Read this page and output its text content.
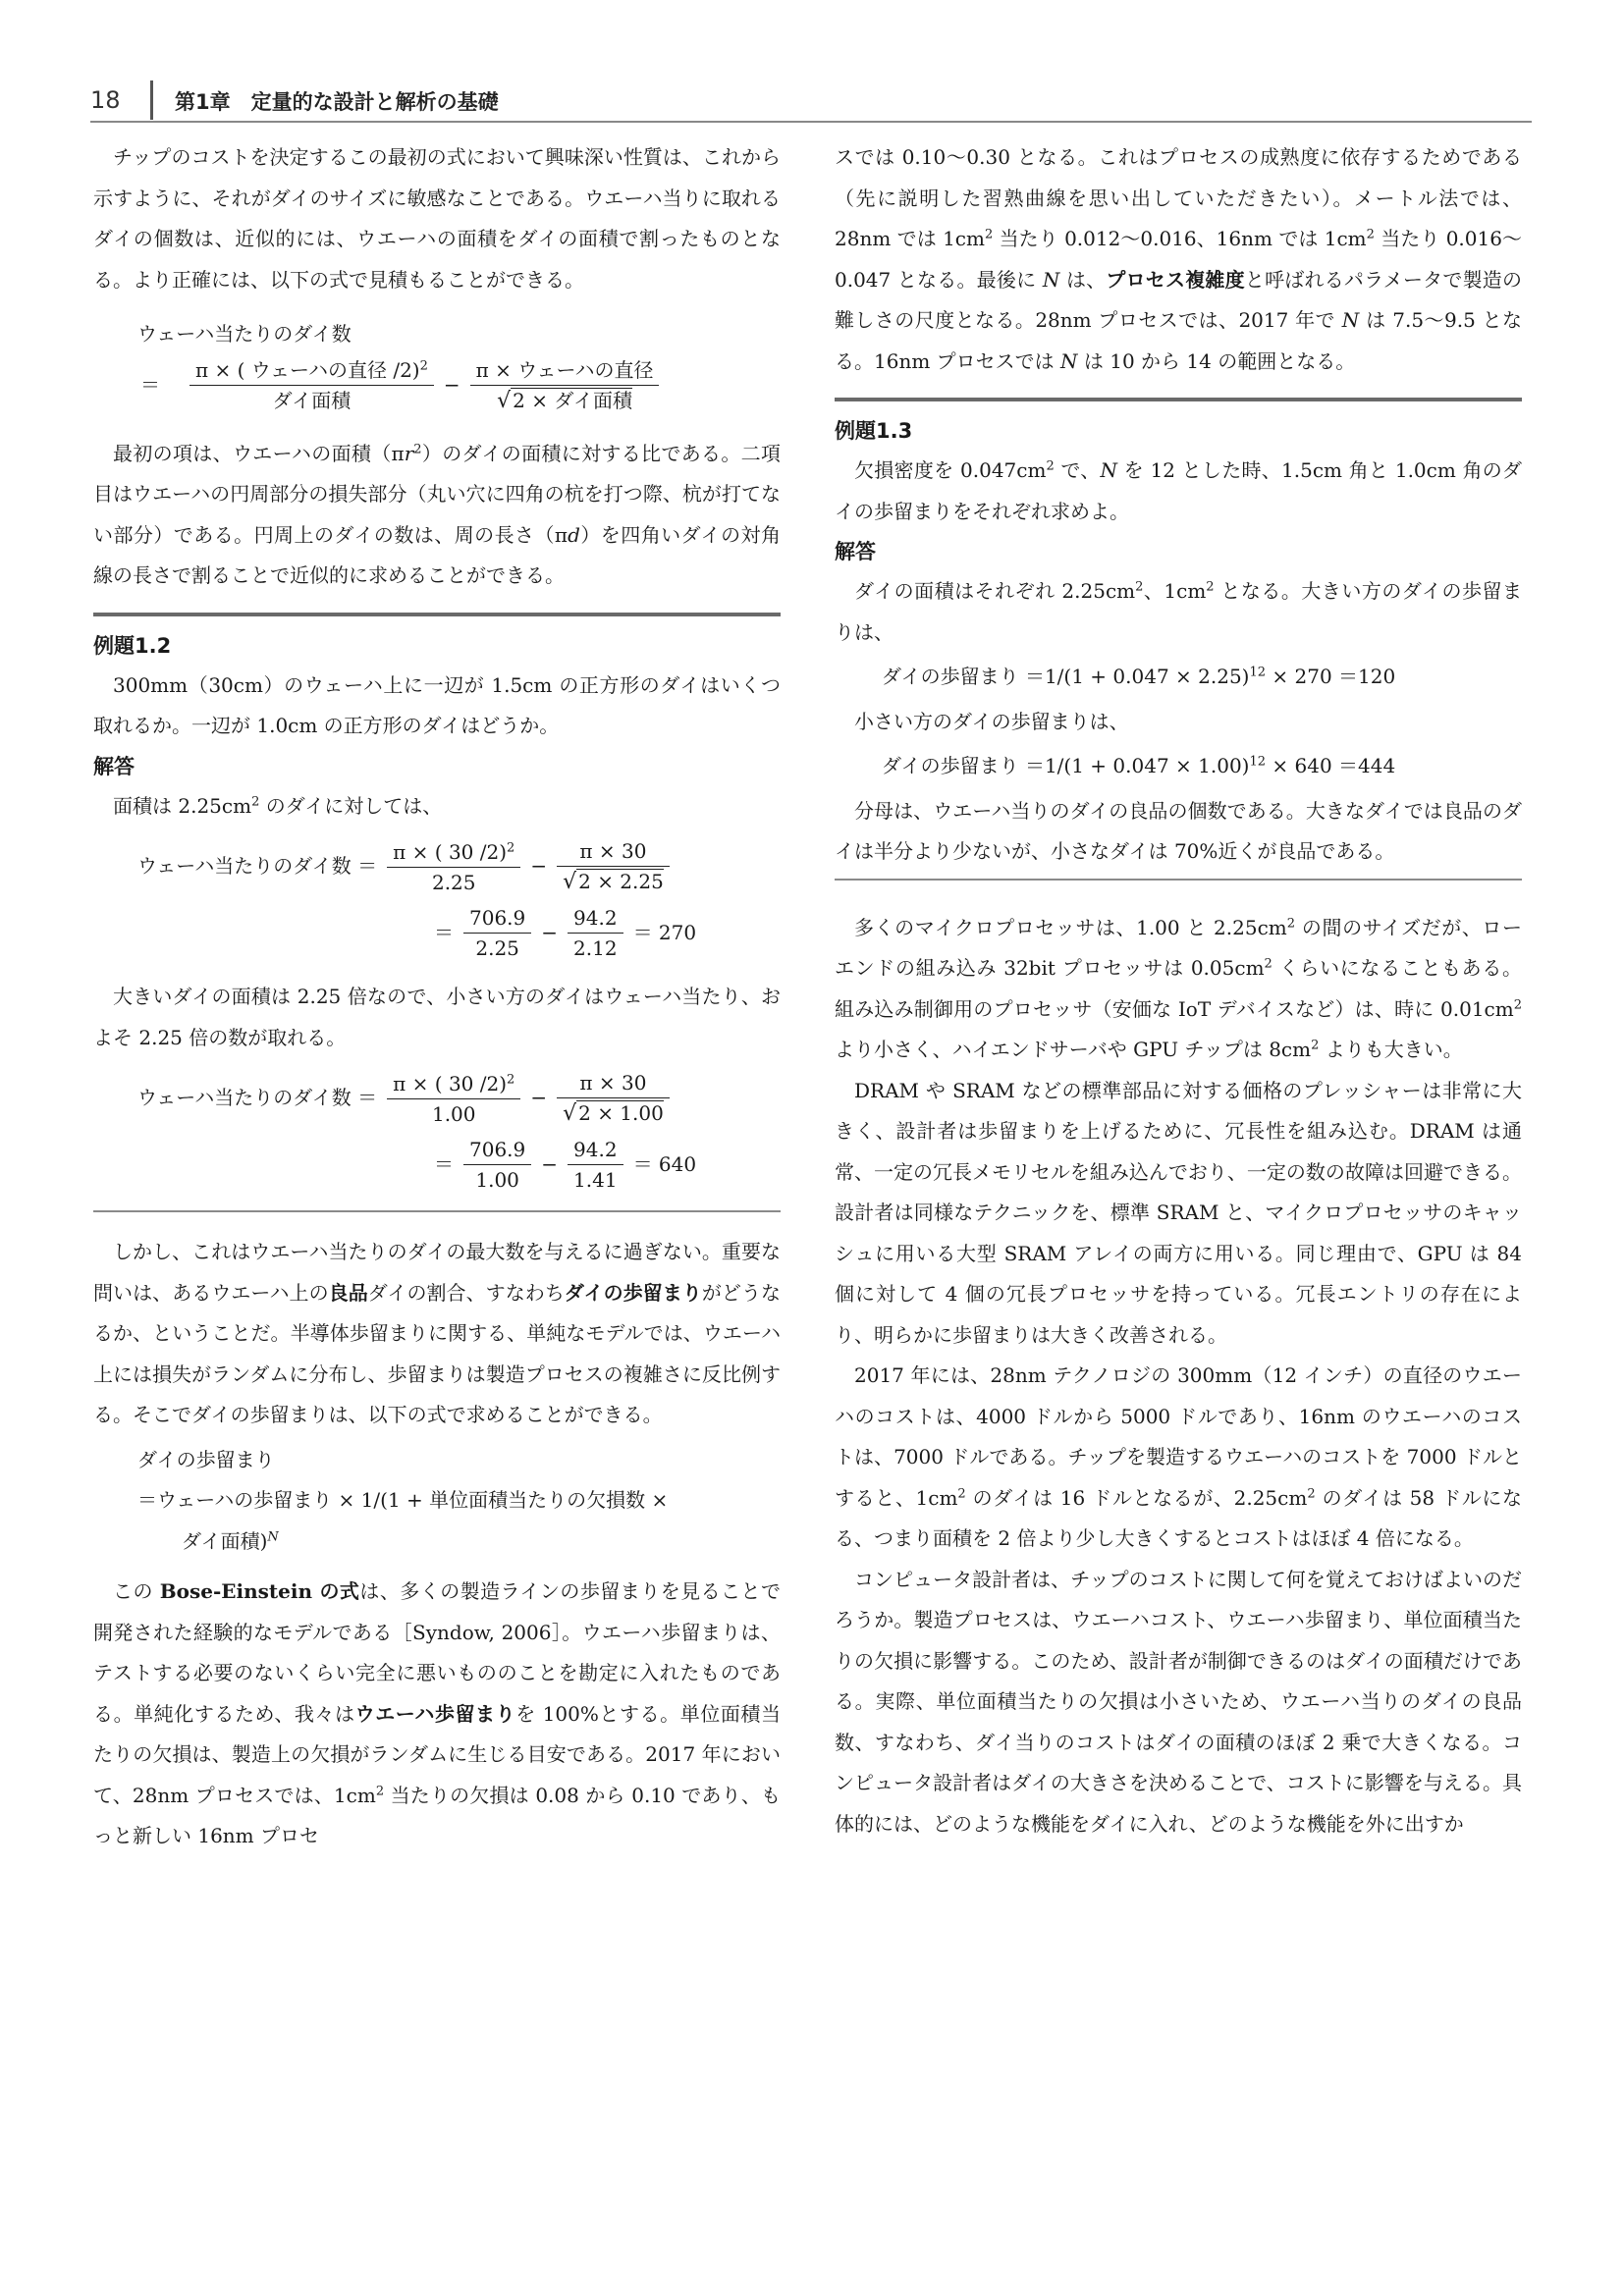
18	第1章　定量的な設計と解析の基礎

チップのコストを決定するこの最初の式において興味深い性質は、これから示すように、それがダイのサイズに敏感なことである。ウエーハ当りに取れるダイの個数は、近似的には、ウエーハの面積をダイの面積で割ったものとなる。より正確には、以下の式で見積もることができる。

ウェーハ当たりのダイ数
＝	$\frac{\pi \times ( ウェーハの直径 /2)^2}{\text{ダイ面積}} - \frac{\text{π × ウェーハの直径}}{\text{√ 2 × ダイ面積}}$

最初の項は、ウエーハの面積$(\pi r^2)$のダイの面積に対する比である。二項目はウエーハの円周部分の損失部分（丸い穴に四角の杭を打つ際、杭が打てない部分）である。円周上のダイの数は、周の長さ（πd）を四角いダイの対角線の長さで割ることで近似的に求めることができる。

例題1.2

300mm（30cm）のウェーハ上に一辺が 1.5cm の正方形のダイはいくつ取れるか。一辺が 1.0cm の正方形のダイはどうか。

解答

面積は $2.25cm^2$ のダイに対しては、

ウェーハ当たりのダイ数 ＝ $\frac{\pi \times ( 30 /2)^2}{2.25} - \frac{\pi \times 30}{√ 2 \times 2.25}$
＝ $\frac{706.9}{2.25} - \frac{94.2}{2.12} = 270$

大きいダイの面積は 2.25 倍なので、小さい方のダイはウェーハ当たり、およそ 2.25 倍の数が取れる。

ウェーハ当たりのダイ数 ＝ $\frac{\pi \times ( 30 /2)^2}{1.00} - \frac{\pi \times 30}{√ 2 \times 1.00}$
＝ $\frac{706.9}{1.00} - \frac{94.2}{1.41} = 640$

しかし、これはウエーハ当たりのダイの最大数を与えるに過ぎない。重要な問いは、あるウエーハ上の良品ダイの割合、すなわちダイの歩留まりがどうなるか、ということだ。半導体歩留まりに関する、単純なモデルでは、ウエーハ上には損失がランダムに分布し、歩留まりは製造プロセスの複雑さに反比例する。そこでダイの歩留まりは、以下の式で求めることができる。

ダイの歩留まり
＝ウェーハの歩留まり × 1/(1 + 単位面積当たりの欠損数 ×
ダイ面積)$^N$

この Bose-Einstein の式は、多くの製造ラインの歩留まりを見ることで開発された経験的なモデルである［Syndow, 2006］。ウエーハ歩留まりは、テストする必要のないくらい完全に悪いもののことを勘定に入れたものである。単純化するため、我々はウエーハ歩留まりを 100%とする。単位面積当たりの欠損は、製造上の欠損がランダムに生じる目安である。2017 年において、28nm プロセスでは、$1cm^2$ 当たりの欠損は 0.08 から 0.10 であり、もっと新しい 16nm プロセ

スでは 0.10～0.30 となる。これはプロセスの成熟度に依存するためである（先に説明した習熟曲線を思い出していただきたい）。メートル法では、28nm では $1cm^2$ 当たり 0.012～0.016、16nm では $1cm^2$ 当たり 0.016～0.047 となる。最後に N は、プロセス複雑度と呼ばれるパラメータで製造の難しさの尺度となる。28nm プロセスでは、2017 年で N は 7.5～9.5 となる。16nm プロセスでは N は 10 から 14 の範囲となる。

例題1.3

欠損密度を $0.047cm^2$ で、N を 12 とした時、1.5cm 角と 1.0cm 角のダイの歩留まりをそれぞれ求めよ。

解答

ダイの面積はそれぞれ $2.25cm^2$、$1cm^2$ となる。大きい方のダイの歩留まりは、

ダイの歩留まり $=1/(1 + 0.047 \times 2.25)^{12} \times 270 =120$

小さい方のダイの歩留まりは、

ダイの歩留まり $=1/(1 + 0.047 \times 1.00)^{12} \times 640 =444$

分母は、ウエーハ当りのダイの良品の個数である。大きなダイでは良品のダイは半分より少ないが、小さなダイは 70%近くが良品である。

多くのマイクロプロセッサは、1.00 と $2.25cm^2$ の間のサイズだが、ローエンドの組み込み 32bit プロセッサは $0.05cm^2$ くらいになることもある。組み込み制御用のプロセッサ（安価な IoT デバイスなど）は、時に $0.01cm^2$ より小さく、ハイエンドサーバや GPU チップは $8cm^2$ よりも大きい。

DRAM や SRAM などの標準部品に対する価格のプレッシャーは非常に大きく、設計者は歩留まりを上げるために、冗長性を組み込む。DRAM は通常、一定の冗長メモリセルを組み込んでおり、一定の数の故障は回避できる。設計者は同様なテクニックを、標準 SRAM と、マイクロプロセッサのキャッシュに用いる大型 SRAM アレイの両方に用いる。同じ理由で、GPU は 84 個に対して 4 個の冗長プロセッサを持っている。冗長エントリの存在により、明らかに歩留まりは大きく改善される。

2017 年には、28nm テクノロジの 300mm（12 インチ）の直径のウエーハのコストは、4000 ドルから 5000 ドルであり、16nm のウエーハのコストは、7000 ドルである。チップを製造するウエーハのコストを 7000 ドルとすると、$1cm^2$ のダイは 16 ドルとなるが、$2.25cm^2$ のダイは 58 ドルになる、つまり面積を 2 倍より少し大きくするとコストはほぼ 4 倍になる。

コンピュータ設計者は、チップのコストに関して何を覚えておけばよいのだろうか。製造プロセスは、ウエーハコスト、ウエーハ歩留まり、単位面積当たりの欠損に影響する。このため、設計者が制御できるのはダイの面積だけである。実際、単位面積当たりの欠損は小さいため、ウエーハ当りのダイの良品数、すなわち、ダイ当りのコストはダイの面積のほぼ 2 乗で大きくなる。コンピュータ設計者はダイの大きさを決めることで、コストに影響を与える。具体的には、どのような機能をダイに入れ、どのような機能を外に出すか
